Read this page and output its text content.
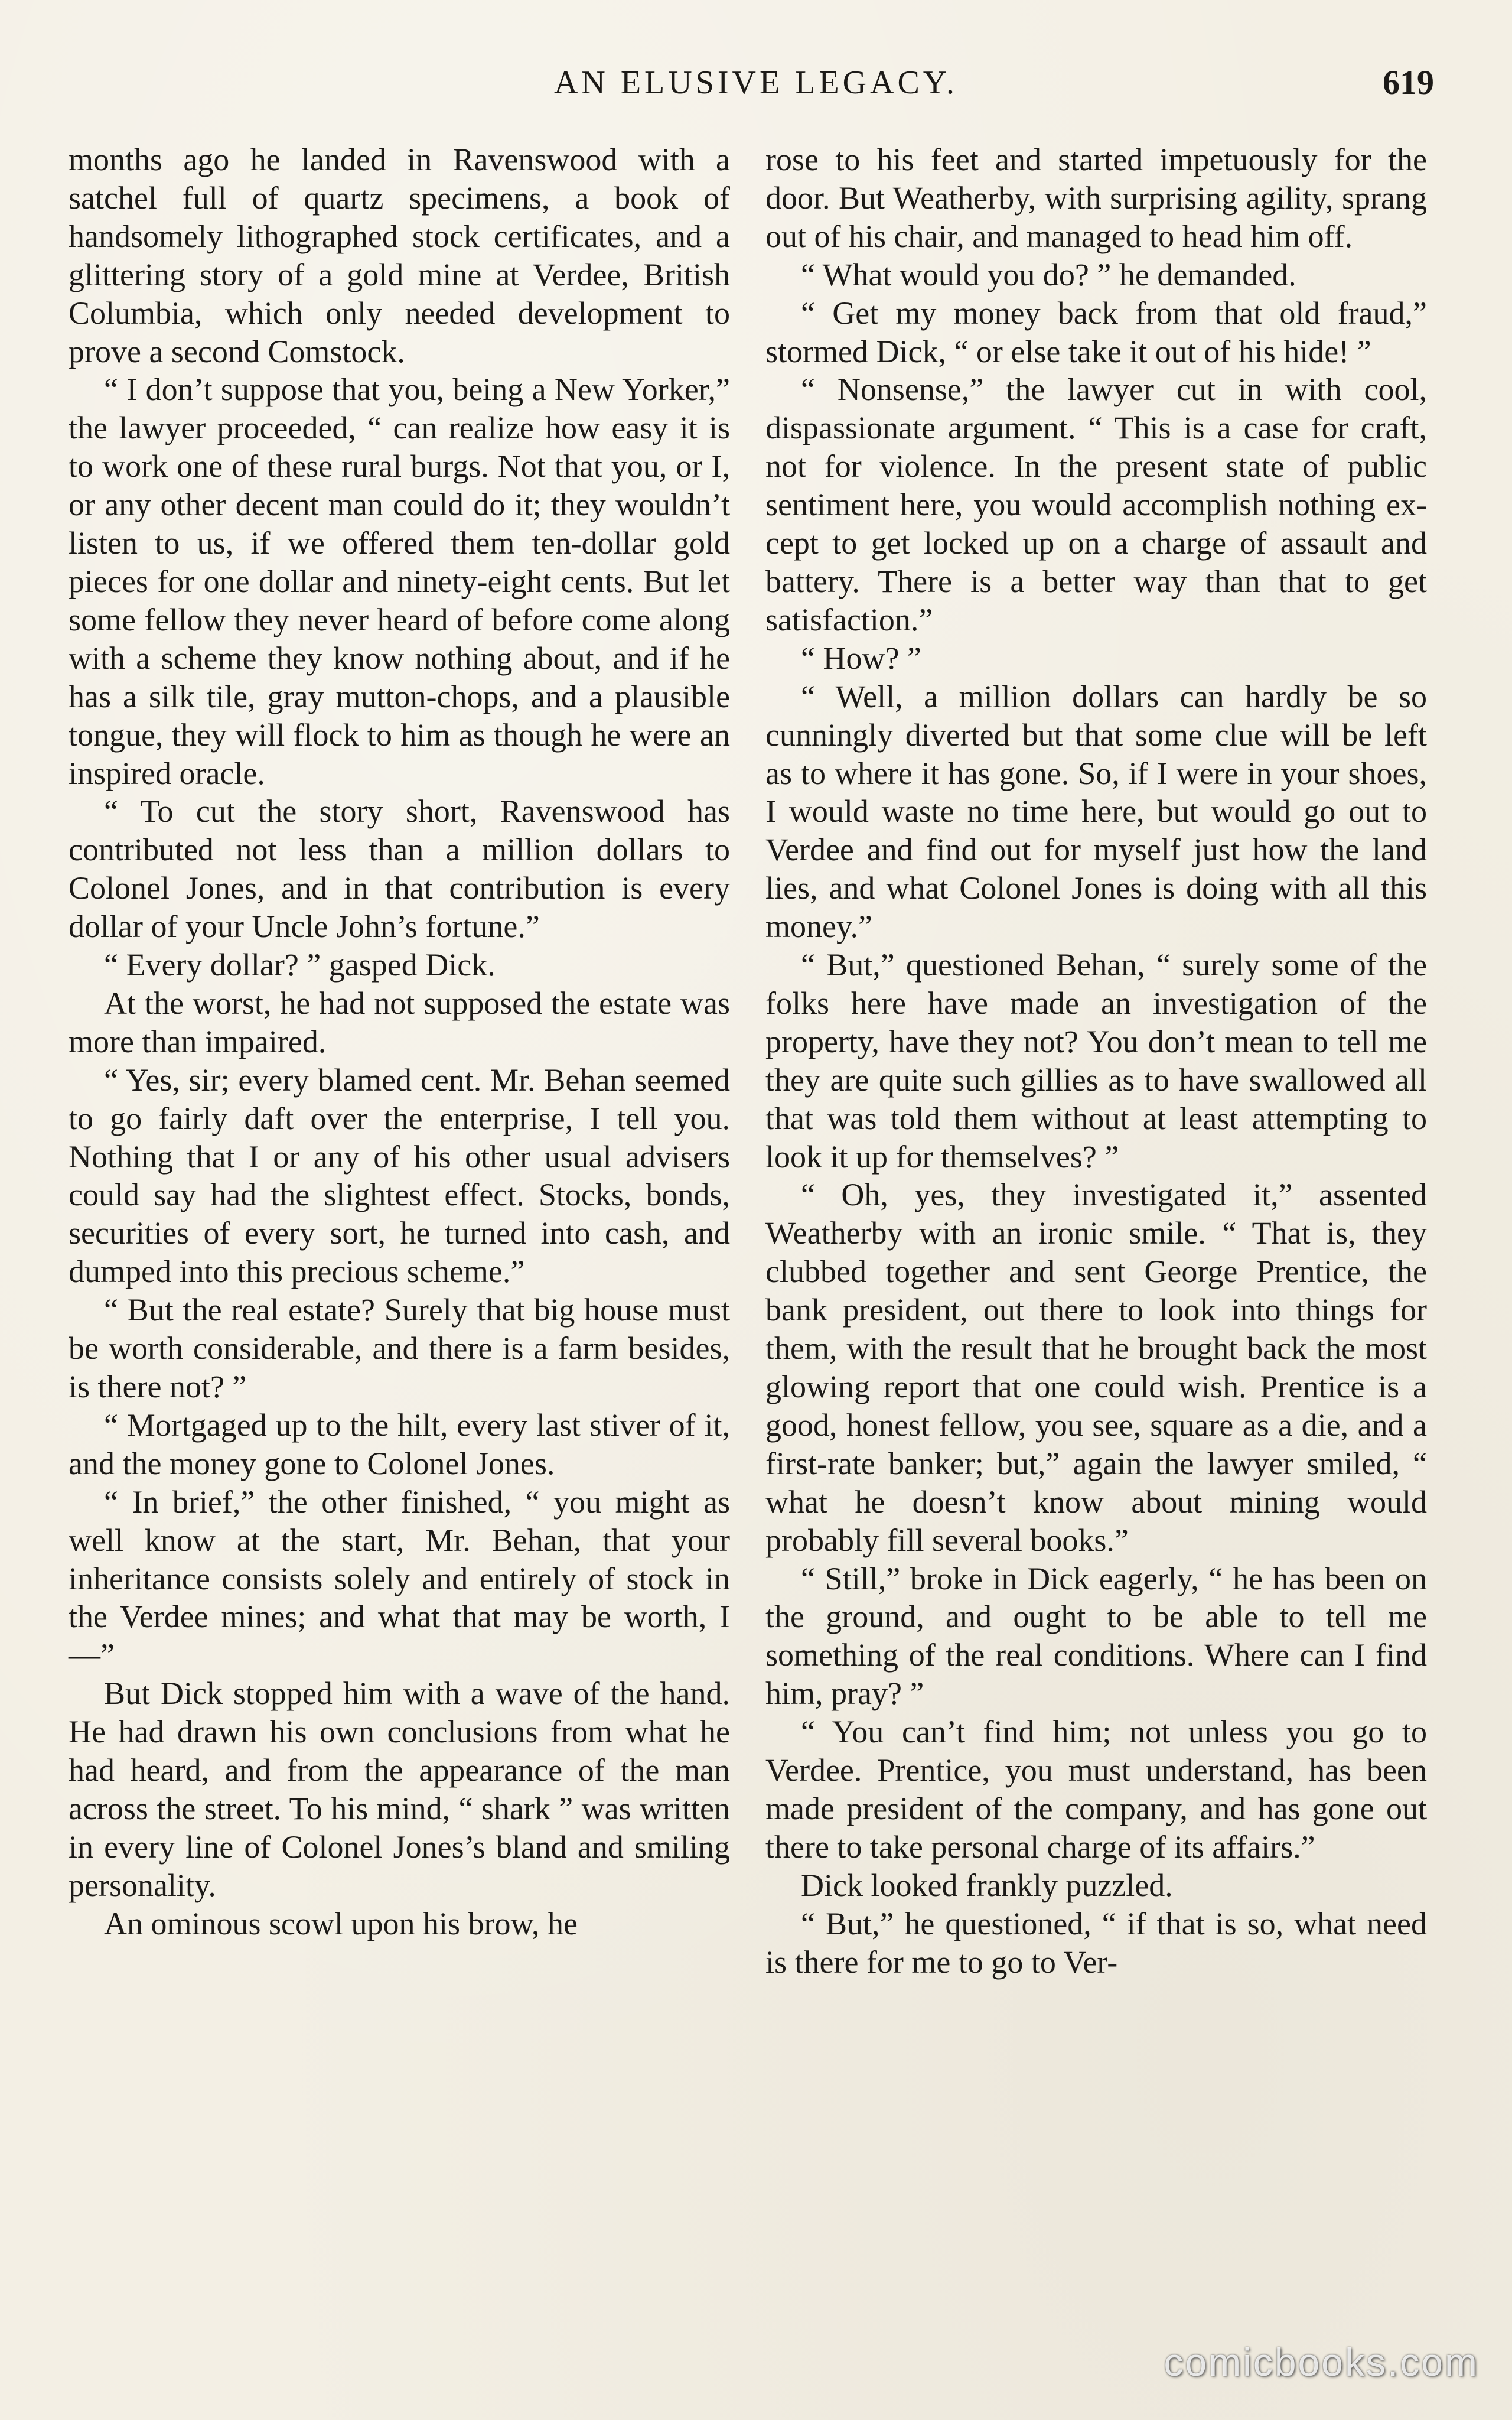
AN ELUSIVE LEGACY.	619

months ago he landed in Ravenswood with a satchel full of quartz specimens, a book of handsomely lithographed stock certificates, and a glittering story of a gold mine at Verdee, British Columbia, which only needed development to prove a second Comstock.

“ I don’t suppose that you, being a New Yorker,” the lawyer proceeded, “ can realize how easy it is to work one of these rural burgs. Not that you, or I, or any other decent man could do it; they wouldn’t listen to us, if we offered them ten-dollar gold pieces for one dollar and ninety-eight cents. But let some fellow they never heard of before come along with a scheme they know nothing about, and if he has a silk tile, gray mutton-chops, and a plausible tongue, they will flock to him as though he were an inspired oracle.

“ To cut the story short, Ravenswood has contributed not less than a million dollars to Colonel Jones, and in that contribution is every dollar of your Uncle John’s fortune.”

“ Every dollar? ” gasped Dick.

At the worst, he had not supposed the estate was more than impaired.

“ Yes, sir; every blamed cent. Mr. Behan seemed to go fairly daft over the enterprise, I tell you. Nothing that I or any of his other usual advisers could say had the slightest effect. Stocks, bonds, securities of every sort, he turned into cash, and dumped into this precious scheme.”

“ But the real estate? Surely that big house must be worth considerable, and there is a farm besides, is there not? ”

“ Mortgaged up to the hilt, every last stiver of it, and the money gone to Colonel Jones.

“ In brief,” the other finished, “ you might as well know at the start, Mr. Behan, that your inheritance consists solely and entirely of stock in the Verdee mines; and what that may be worth, I—”

But Dick stopped him with a wave of the hand. He had drawn his own conclusions from what he had heard, and from the appearance of the man across the street. To his mind, “ shark ” was written in every line of Colonel Jones’s bland and smiling personality.

An ominous scowl upon his brow, he

rose to his feet and started impetuously for the door. But Weatherby, with surprising agility, sprang out of his chair, and managed to head him off.

“ What would you do? ” he demanded.

“ Get my money back from that old fraud,” stormed Dick, “ or else take it out of his hide! ”

“ Nonsense,” the lawyer cut in with cool, dispassionate argument. “ This is a case for craft, not for violence. In the present state of public sentiment here, you would accomplish nothing except to get locked up on a charge of assault and battery. There is a better way than that to get satisfaction.”

“ How? ”

“ Well, a million dollars can hardly be so cunningly diverted but that some clue will be left as to where it has gone. So, if I were in your shoes, I would waste no time here, but would go out to Verdee and find out for myself just how the land lies, and what Colonel Jones is doing with all this money.”

“ But,” questioned Behan, “ surely some of the folks here have made an investigation of the property, have they not? You don’t mean to tell me they are quite such gillies as to have swallowed all that was told them without at least attempting to look it up for themselves? ”

“ Oh, yes, they investigated it,” assented Weatherby with an ironic smile. “ That is, they clubbed together and sent George Prentice, the bank president, out there to look into things for them, with the result that he brought back the most glowing report that one could wish. Prentice is a good, honest fellow, you see, square as a die, and a first-rate banker; but,” again the lawyer smiled, “ what he doesn’t know about mining would probably fill several books.”

“ Still,” broke in Dick eagerly, “ he has been on the ground, and ought to be able to tell me something of the real conditions. Where can I find him, pray? ”

“ You can’t find him; not unless you go to Verdee. Prentice, you must understand, has been made president of the company, and has gone out there to take personal charge of its affairs.”

Dick looked frankly puzzled.

“ But,” he questioned, “ if that is so, what need is there for me to go to Ver-

comicbooks.com
